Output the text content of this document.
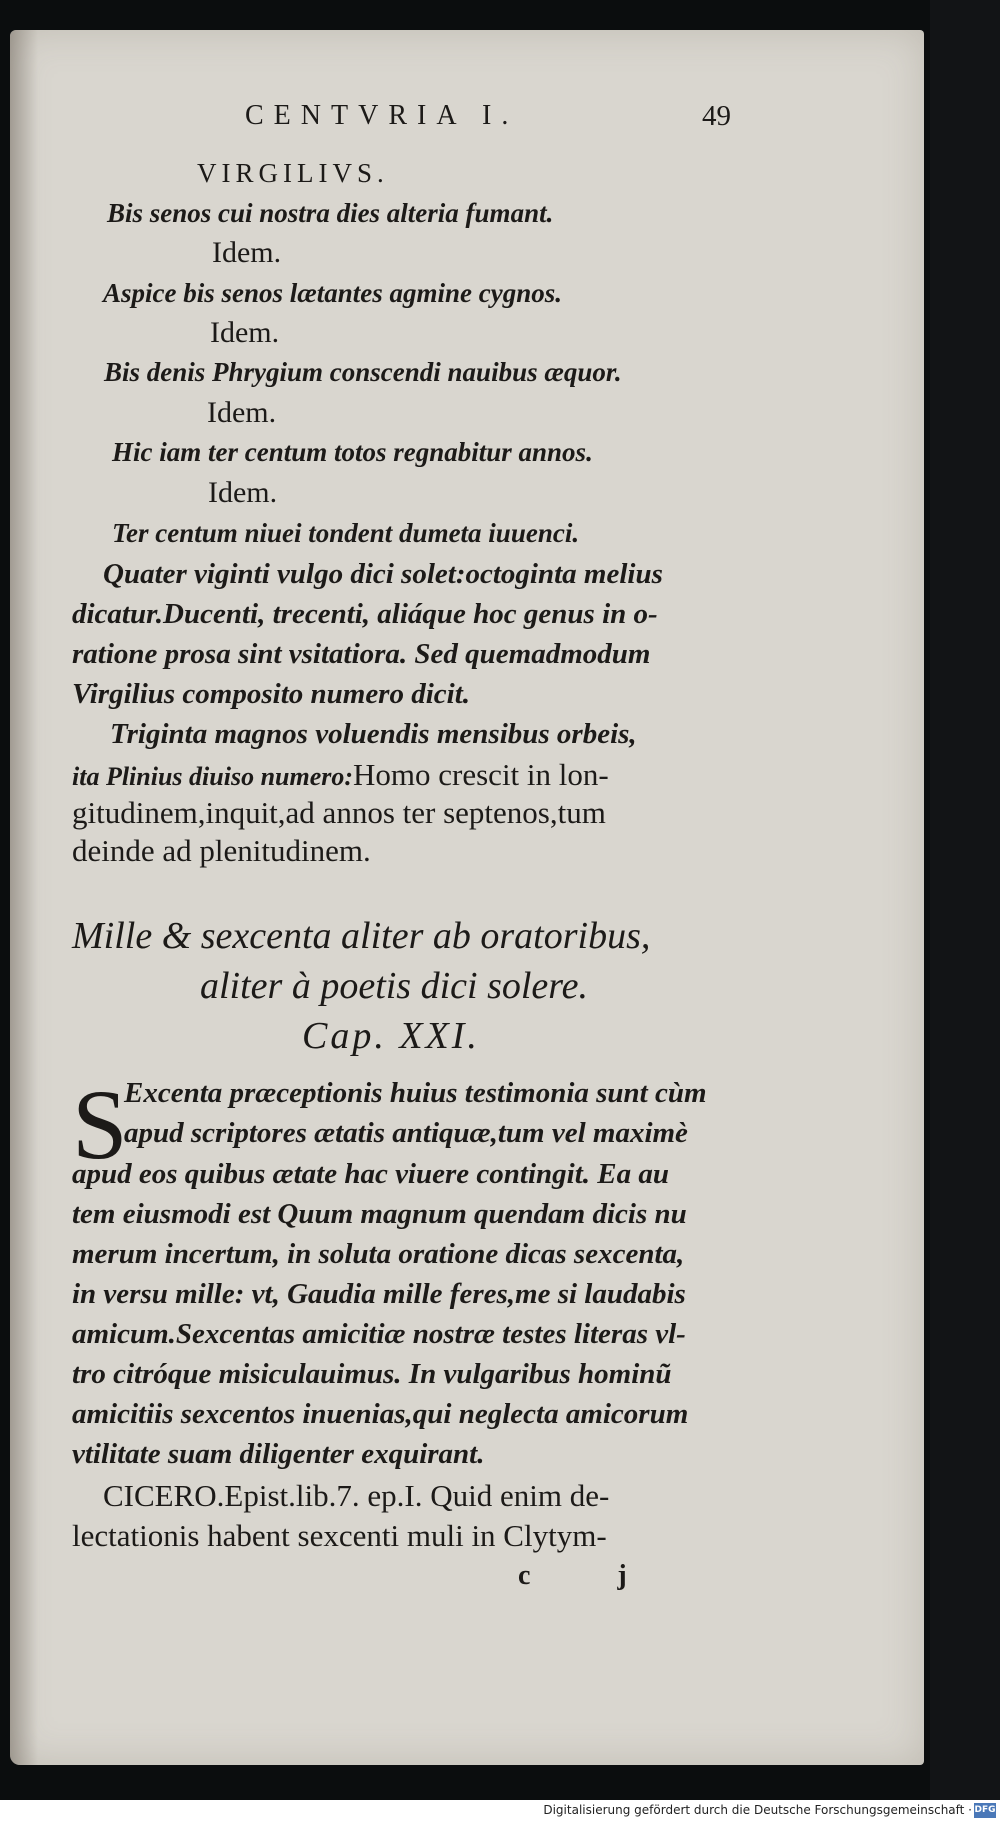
CENTVRIA I.	49
VIRGILIVS.
Bis senos cui nostra dies alteria fumant.
Idem.
Aspice bis senos lætantes agmine cygnos.
Idem.
Bis denis Phrygium conscendi nauibus æquor.
Idem.
Hic iam ter centum totos regnabitur annos.
Idem.
Ter centum niuei tondent dumeta iuuenci.
Quater viginti vulgo dici solet:octoginta melius
dicatur.Ducenti, trecenti, aliáque hoc genus in o-
ratione prosa sint vsitatiora. Sed quemadmodum
Virgilius composito numero dicit.
Triginta magnos voluendis mensibus orbeis,
ita Plinius diuiso numero:Homo crescit in lon-
gitudinem,inquit,ad annos ter septenos,tum
deinde ad plenitudinem.
Mille & sexcenta aliter ab oratoribus,
aliter à poetis dici solere.
Cap. XXI.
S
Excenta præceptionis huius testimonia sunt cùm
apud scriptores ætatis antiquæ,tum vel maximè
apud eos quibus ætate hac viuere contingit. Ea au
tem eiusmodi est Quum magnum quendam dicis nu
merum incertum, in soluta oratione dicas sexcenta,
in versu mille: vt, Gaudia mille feres,me si laudabis
amicum.Sexcentas amicitiæ nostræ testes literas vl-
tro citróque misiculauimus. In vulgaribus hominũ
amicitiis sexcentos inuenias,qui neglecta amicorum
vtilitate suam diligenter exquirant.
CICERO.Epist.lib.7. ep.I. Quid enim de-
lectationis habent sexcenti muli in Clytym-
c j
Digitalisierung gefördert durch die Deutsche Forschungsgemeinschaft · DFG
